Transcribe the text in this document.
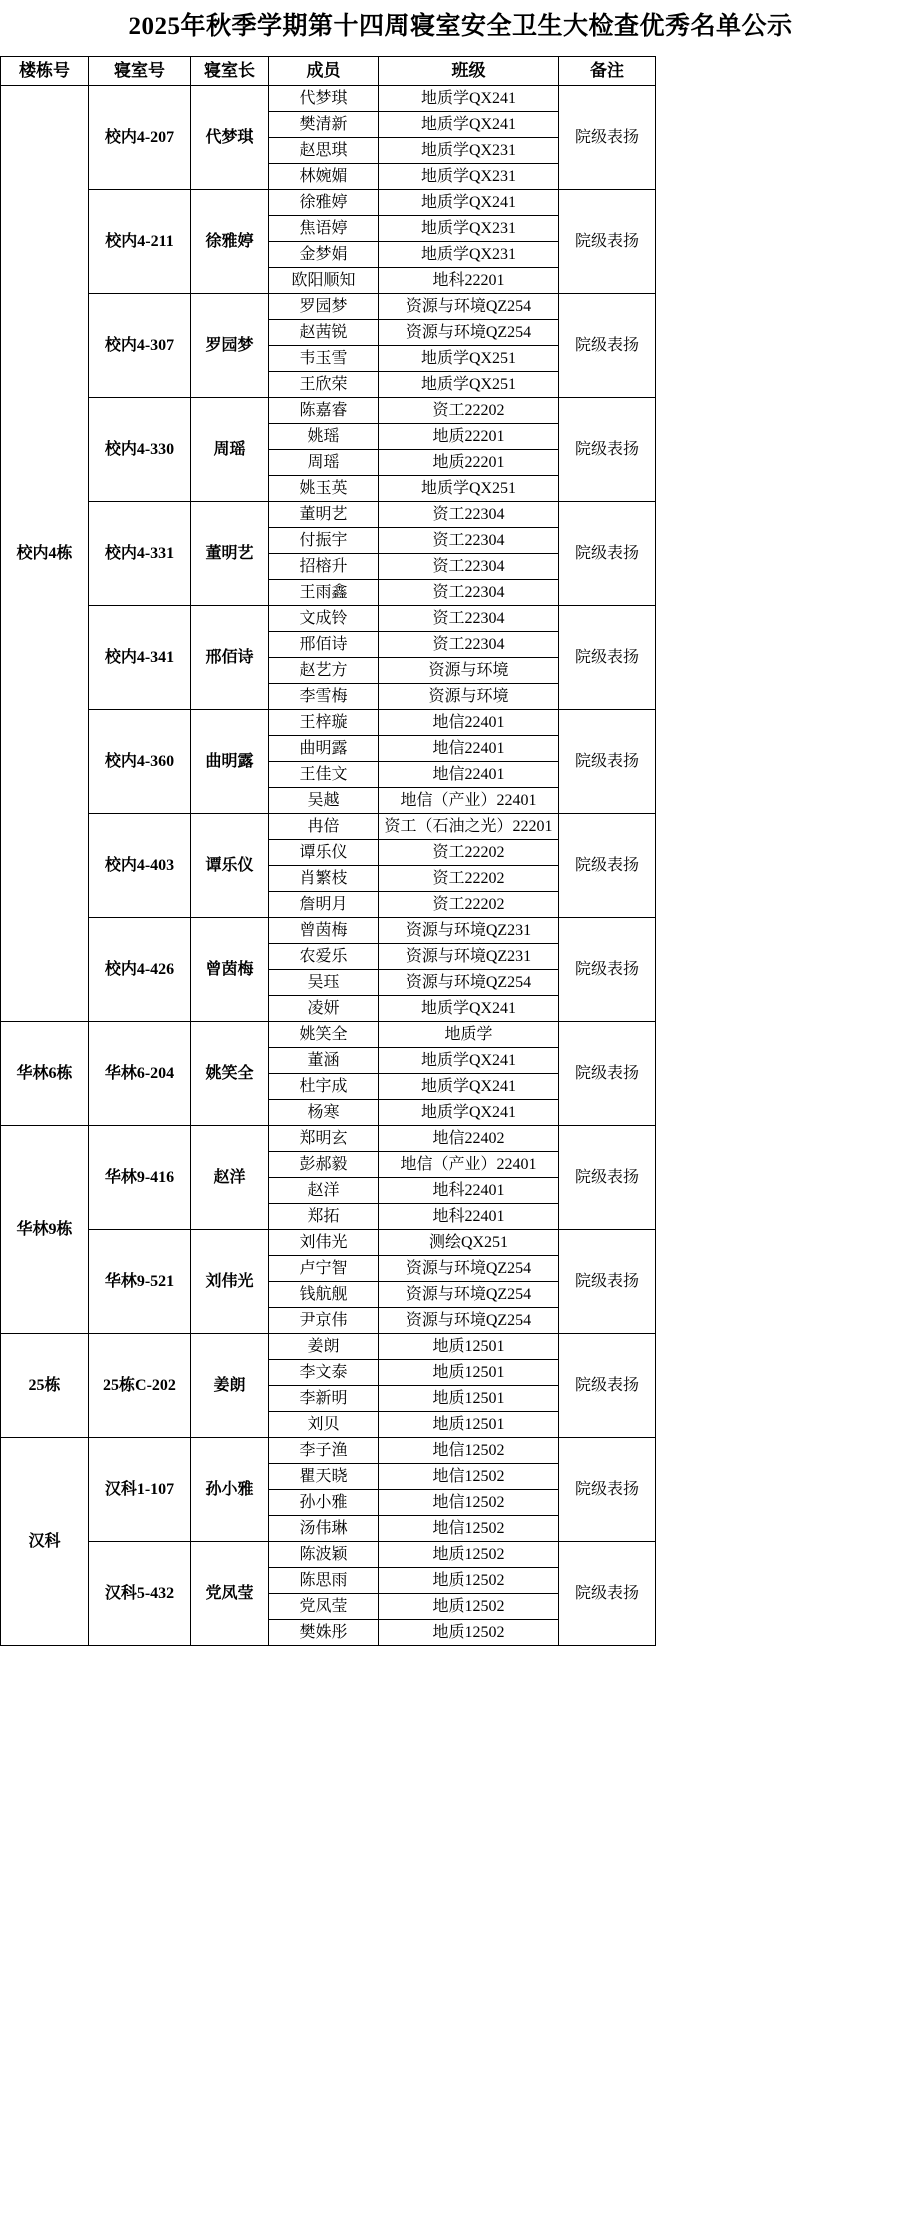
2025年秋季学期第十四周寝室安全卫生大检查优秀名单公示
楼栋号	寝室号	寝室长	成员	班级	备注
校内4栋	校内4-207	代梦琪	代梦琪	地质学QX241	院级表扬
			樊清新	地质学QX241	
			赵思琪	地质学QX231	
			林婉媚	地质学QX231	
	校内4-211	徐雅婷	徐雅婷	地质学QX241	院级表扬
			焦语婷	地质学QX231	
			金梦娟	地质学QX231	
			欧阳顺知	地科22201	
	校内4-307	罗园梦	罗园梦	资源与环境QZ254	院级表扬
			赵茜锐	资源与环境QZ254	
			韦玉雪	地质学QX251	
			王欣荣	地质学QX251	
	校内4-330	周瑶	陈嘉睿	资工22202	院级表扬
			姚瑶	地质22201	
			周瑶	地质22201	
			姚玉英	地质学QX251	
	校内4-331	董明艺	董明艺	资工22304	院级表扬
			付振宇	资工22304	
			招榕升	资工22304	
			王雨鑫	资工22304	
	校内4-341	邢佰诗	文成铃	资工22304	院级表扬
			邢佰诗	资工22304	
			赵艺方	资源与环境	
			李雪梅	资源与环境	
	校内4-360	曲明露	王梓璇	地信22401	院级表扬
			曲明露	地信22401	
			王佳文	地信22401	
			吴越	地信（产业）22401	
	校内4-403	谭乐仪	冉倍	资工（石油之光）22201	院级表扬
			谭乐仪	资工22202	
			肖繁枝	资工22202	
			詹明月	资工22202	
	校内4-426	曾茵梅	曾茵梅	资源与环境QZ231	院级表扬
			农爱乐	资源与环境QZ231	
			吴珏	资源与环境QZ254	
			凌妍	地质学QX241	
华林6栋	华林6-204	姚笑全	姚笑全	地质学	院级表扬
			董涵	地质学QX241	
			杜宇成	地质学QX241	
			杨寒	地质学QX241	
华林9栋	华林9-416	赵洋	郑明玄	地信22402	院级表扬
			彭郝毅	地信（产业）22401	
			赵洋	地科22401	
			郑拓	地科22401	
	华林9-521	刘伟光	刘伟光	测绘QX251	院级表扬
			卢宁智	资源与环境QZ254	
			钱航舰	资源与环境QZ254	
			尹京伟	资源与环境QZ254	
25栋	25栋C-202	姜朗	姜朗	地质12501	院级表扬
			李文泰	地质12501	
			李新明	地质12501	
			刘贝	地质12501	
汉科	汉科1-107	孙小雅	李子渔	地信12502	院级表扬
			瞿天晓	地信12502	
			孙小雅	地信12502	
			汤伟琳	地信12502	
	汉科5-432	党凤莹	陈波颖	地质12502	院级表扬
			陈思雨	地质12502	
			党凤莹	地质12502	
			樊姝彤	地质12502	
